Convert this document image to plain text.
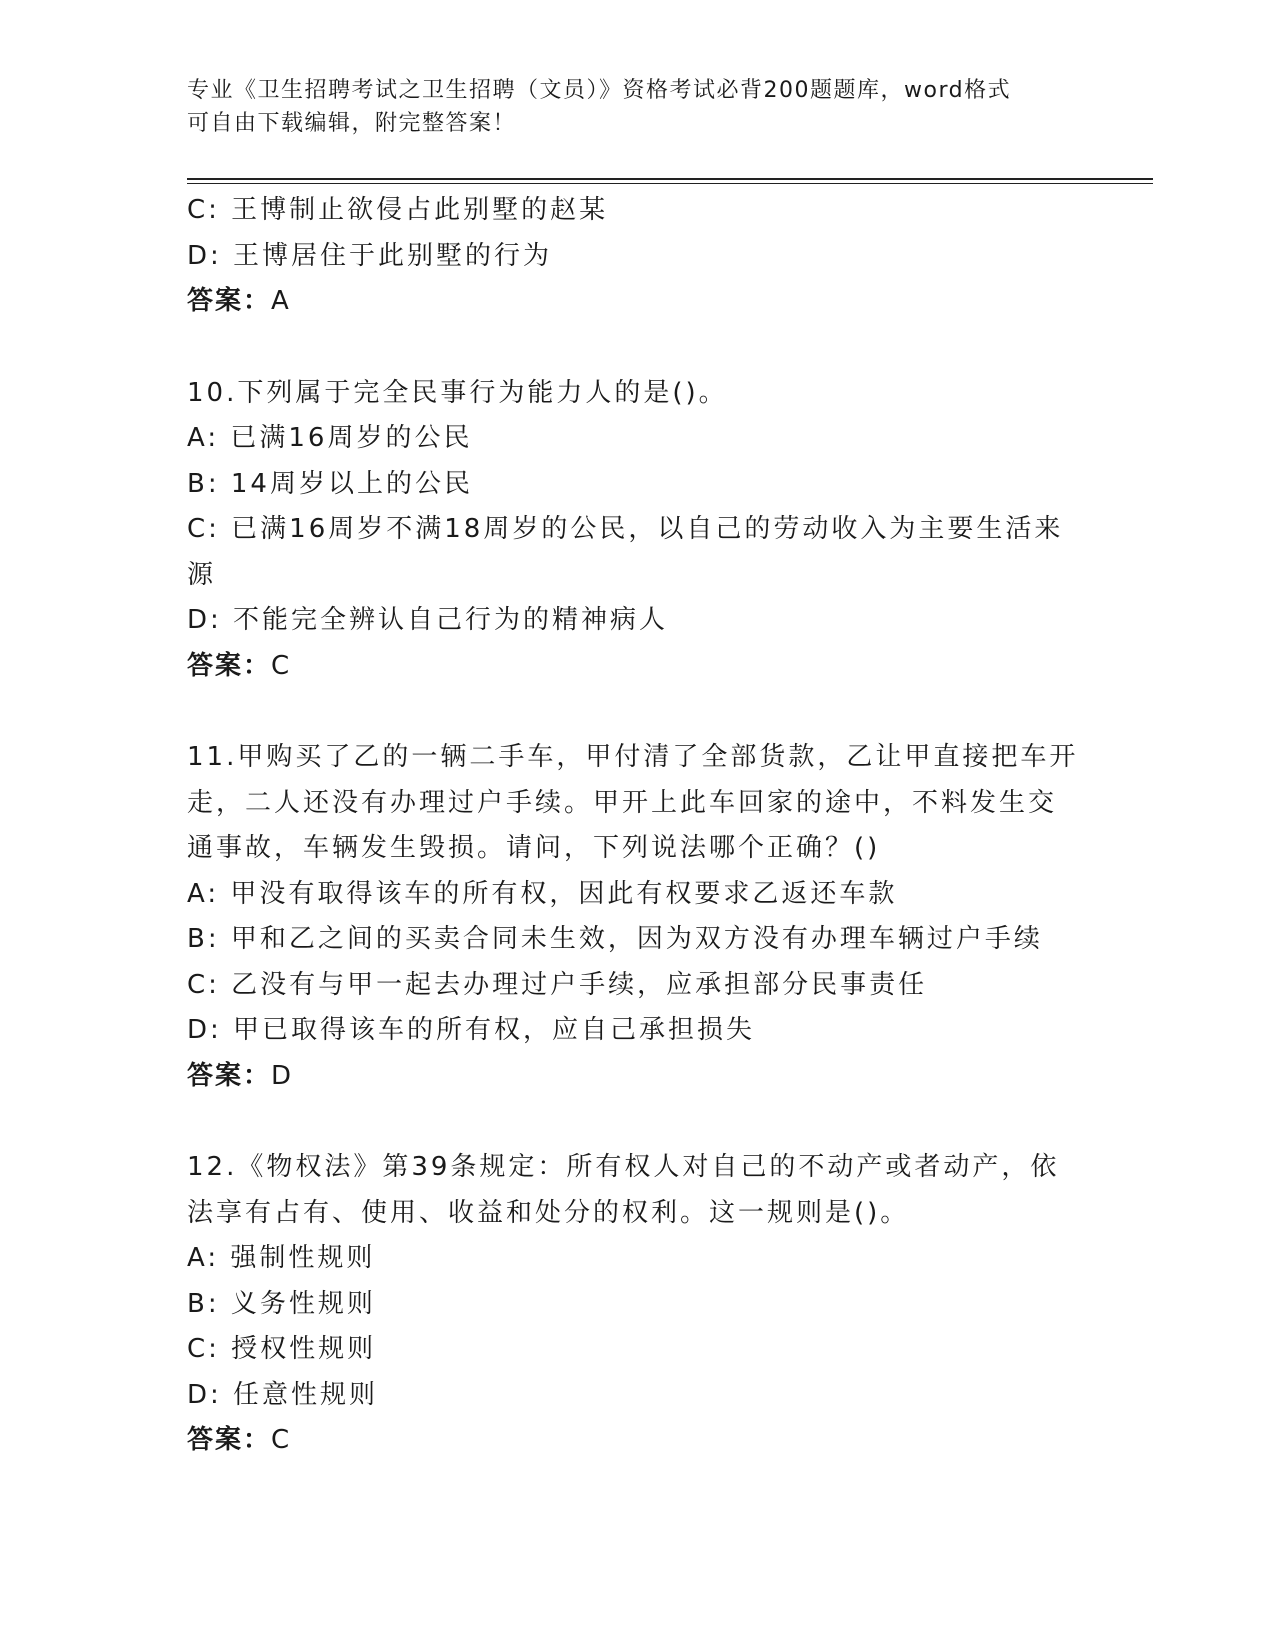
专业《卫生招聘考试之卫生招聘（文员）》资格考试必背200题题库，word格式
可自由下载编辑，附完整答案！
C: 王博制止欲侵占此别墅的赵某
D: 王博居住于此别墅的行为
答案：A
10.下列属于完全民事行为能力人的是()。
A: 已满16周岁的公民
B: 14周岁以上的公民
C: 已满16周岁不满18周岁的公民，以自己的劳动收入为主要生活来
源
D: 不能完全辨认自己行为的精神病人
答案：C
11.甲购买了乙的一辆二手车，甲付清了全部货款，乙让甲直接把车开
走，二人还没有办理过户手续。甲开上此车回家的途中，不料发生交
通事故，车辆发生毁损。请问，下列说法哪个正确？()
A: 甲没有取得该车的所有权，因此有权要求乙返还车款
B: 甲和乙之间的买卖合同未生效，因为双方没有办理车辆过户手续
C: 乙没有与甲一起去办理过户手续，应承担部分民事责任
D: 甲已取得该车的所有权，应自己承担损失
答案：D
12.《物权法》第39条规定：所有权人对自己的不动产或者动产，依
法享有占有、使用、收益和处分的权利。这一规则是()。
A: 强制性规则
B: 义务性规则
C: 授权性规则
D: 任意性规则
答案：C
